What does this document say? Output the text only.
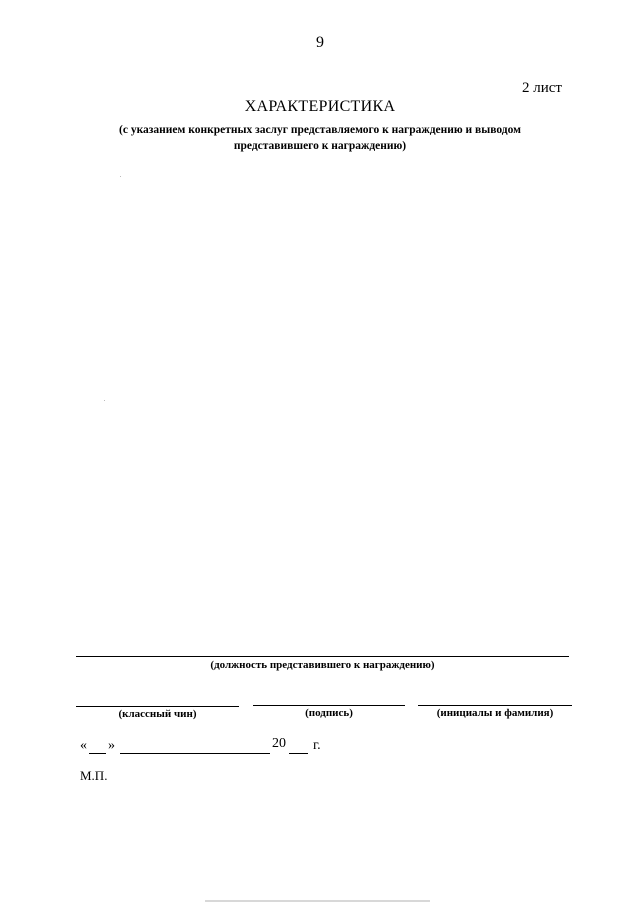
9
2 лист
ХАРАКТЕРИСТИКА
(с указанием конкретных заслуг представляемого к награждению и выводом представившего к награждению)
(должность представившего к награждению)
(классный чин)	(подпись)	(инициалы и фамилия)
« »	20 г.
М.П.
